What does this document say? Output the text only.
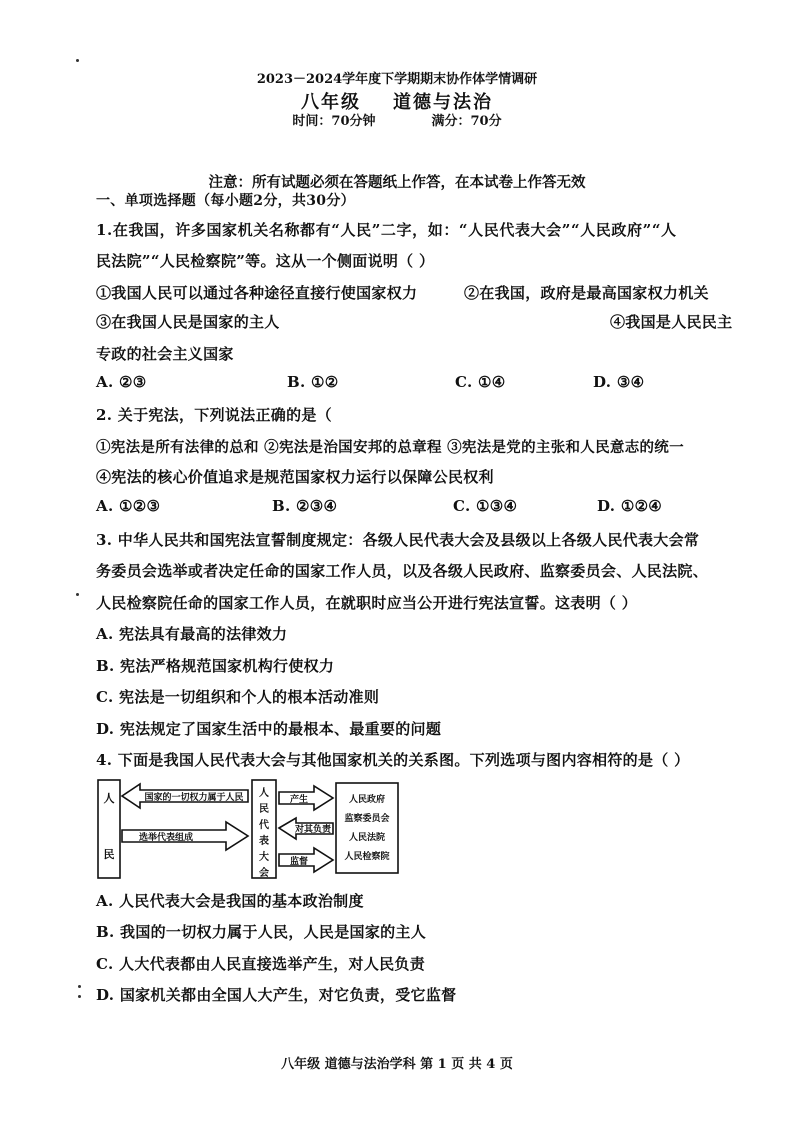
2023－2024学年度下学期期末协作体学情调研
八年级 道德与法治
时间：70分钟	满分：70分
注意：所有试题必须在答题纸上作答，在本试卷上作答无效
一、单项选择题（每小题2分，共30分）
1.在我国，许多国家机关名称都有“人民”二字，如：“人民代表大会”“人民政府”“人
民法院”“人民检察院”等。这从一个侧面说明（ ）
①我国人民可以通过各种途径直接行使国家权力	②在我国，政府是最高国家权力机关
③在我国人民是国家的主人	④我国是人民民主
专政的社会主义国家
A. ②③	B. ①②	C. ①④	D. ③④
2. 关于宪法，下列说法正确的是（
①宪法是所有法律的总和 ②宪法是治国安邦的总章程 ③宪法是党的主张和人民意志的统一
④宪法的核心价值追求是规范国家权力运行以保障公民权利
A. ①②③	B. ②③④	C. ①③④	D. ①②④
3. 中华人民共和国宪法宣誓制度规定：各级人民代表大会及县级以上各级人民代表大会常
务委员会选举或者决定任命的国家工作人员，以及各级人民政府、监察委员会、人民法院、
人民检察院任命的国家工作人员，在就职时应当公开进行宪法宣誓。这表明（ ）
A. 宪法具有最高的法律效力
B. 宪法严格规范国家机构行使权力
C. 宪法是一切组织和个人的根本活动准则
D. 宪法规定了国家生活中的最根本、最重要的问题
4. 下面是我国人民代表大会与其他国家机关的关系图。下列选项与图内容相符的是（ ）
人
民
国家的一切权力属于人民
选举代表组成
产生
对其负责
监督
人
民
代
表
大
会
人民政府
监察委员会
人民法院
人民检察院
A. 人民代表大会是我国的基本政治制度
B. 我国的一切权力属于人民，人民是国家的主人
C. 人大代表都由人民直接选举产生，对人民负责
D. 国家机关都由全国人大产生，对它负责，受它监督
八年级 道德与法治学科 第 1 页 共 4 页
